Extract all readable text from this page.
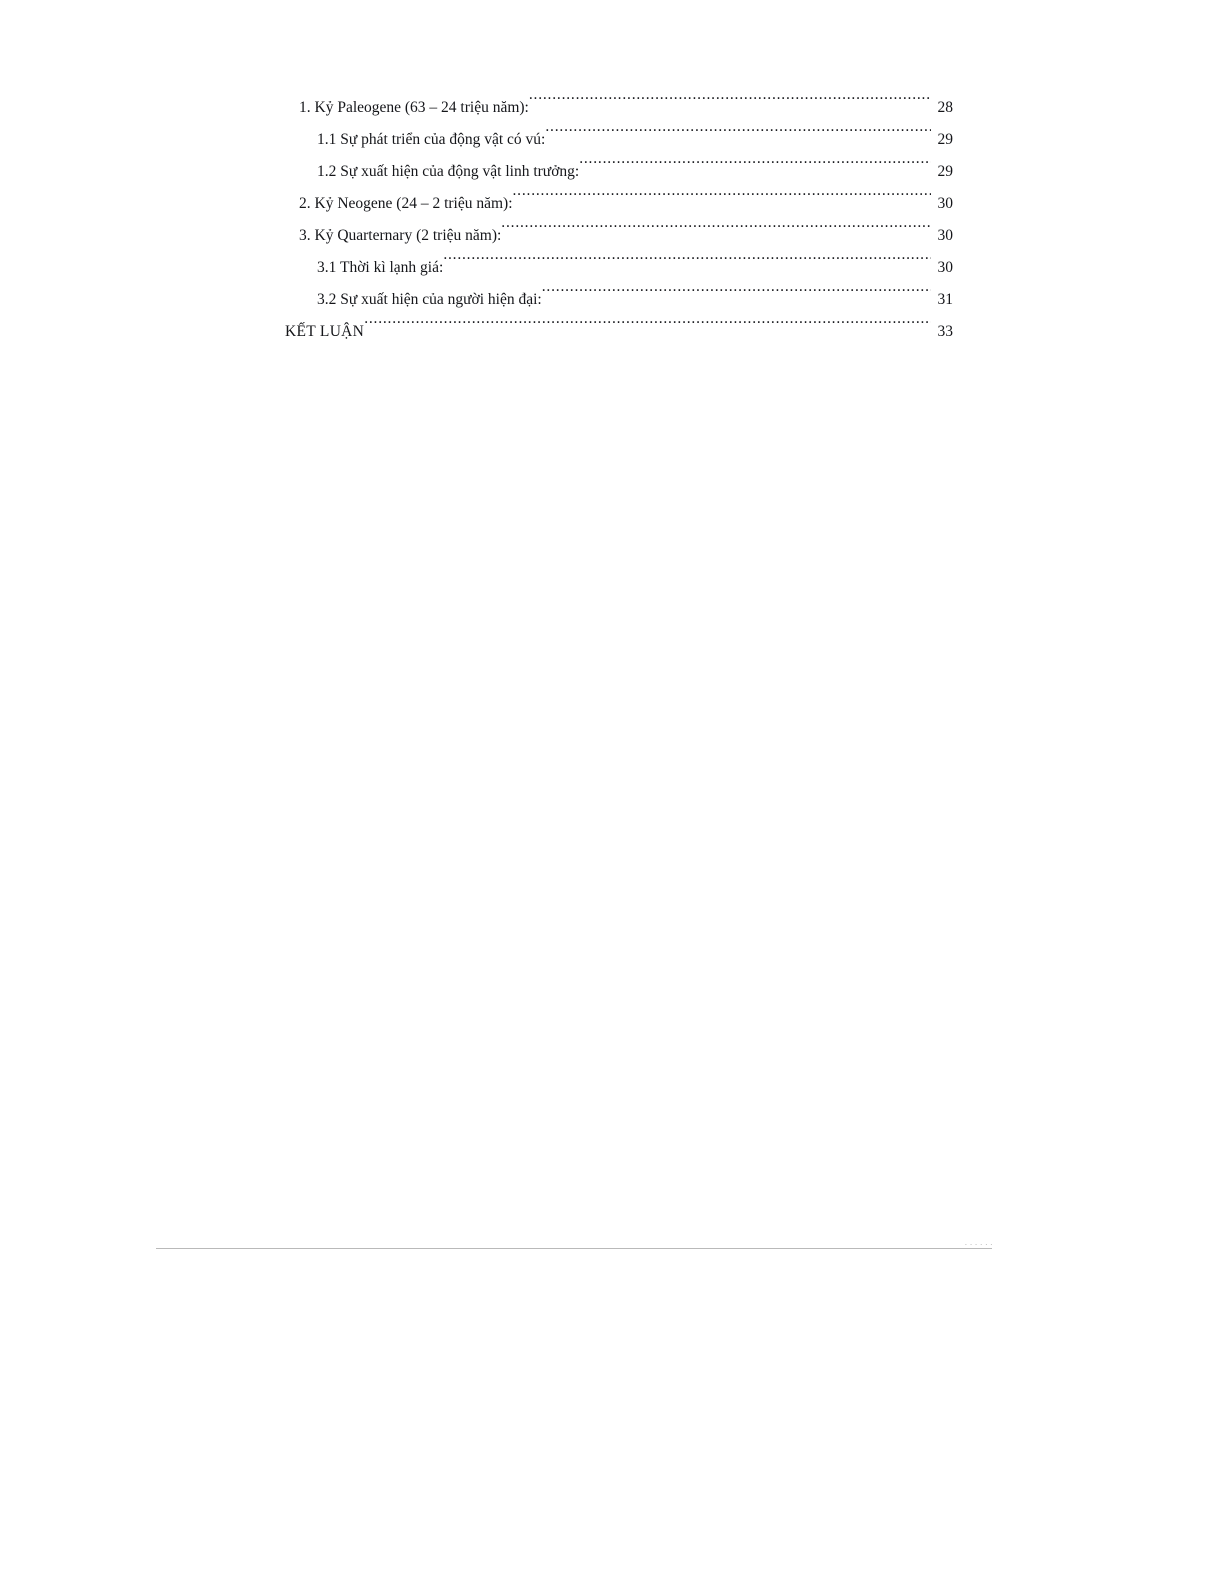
1. Kỷ Paleogene (63 – 24 triệu năm): .....	28
1.1 Sự phát triển của động vật có vú: .....	29
1.2 Sự xuất hiện của động vật linh trưởng: .....	29
2. Kỷ Neogene (24 – 2 triệu năm): .....	30
3. Kỷ Quarternary (2 triệu năm): .....	30
3.1 Thời kì lạnh giá: .....	30
3.2 Sự xuất hiện của người hiện đại: .....	31
KẾT LUẬN .....	33
· · · · · ·
